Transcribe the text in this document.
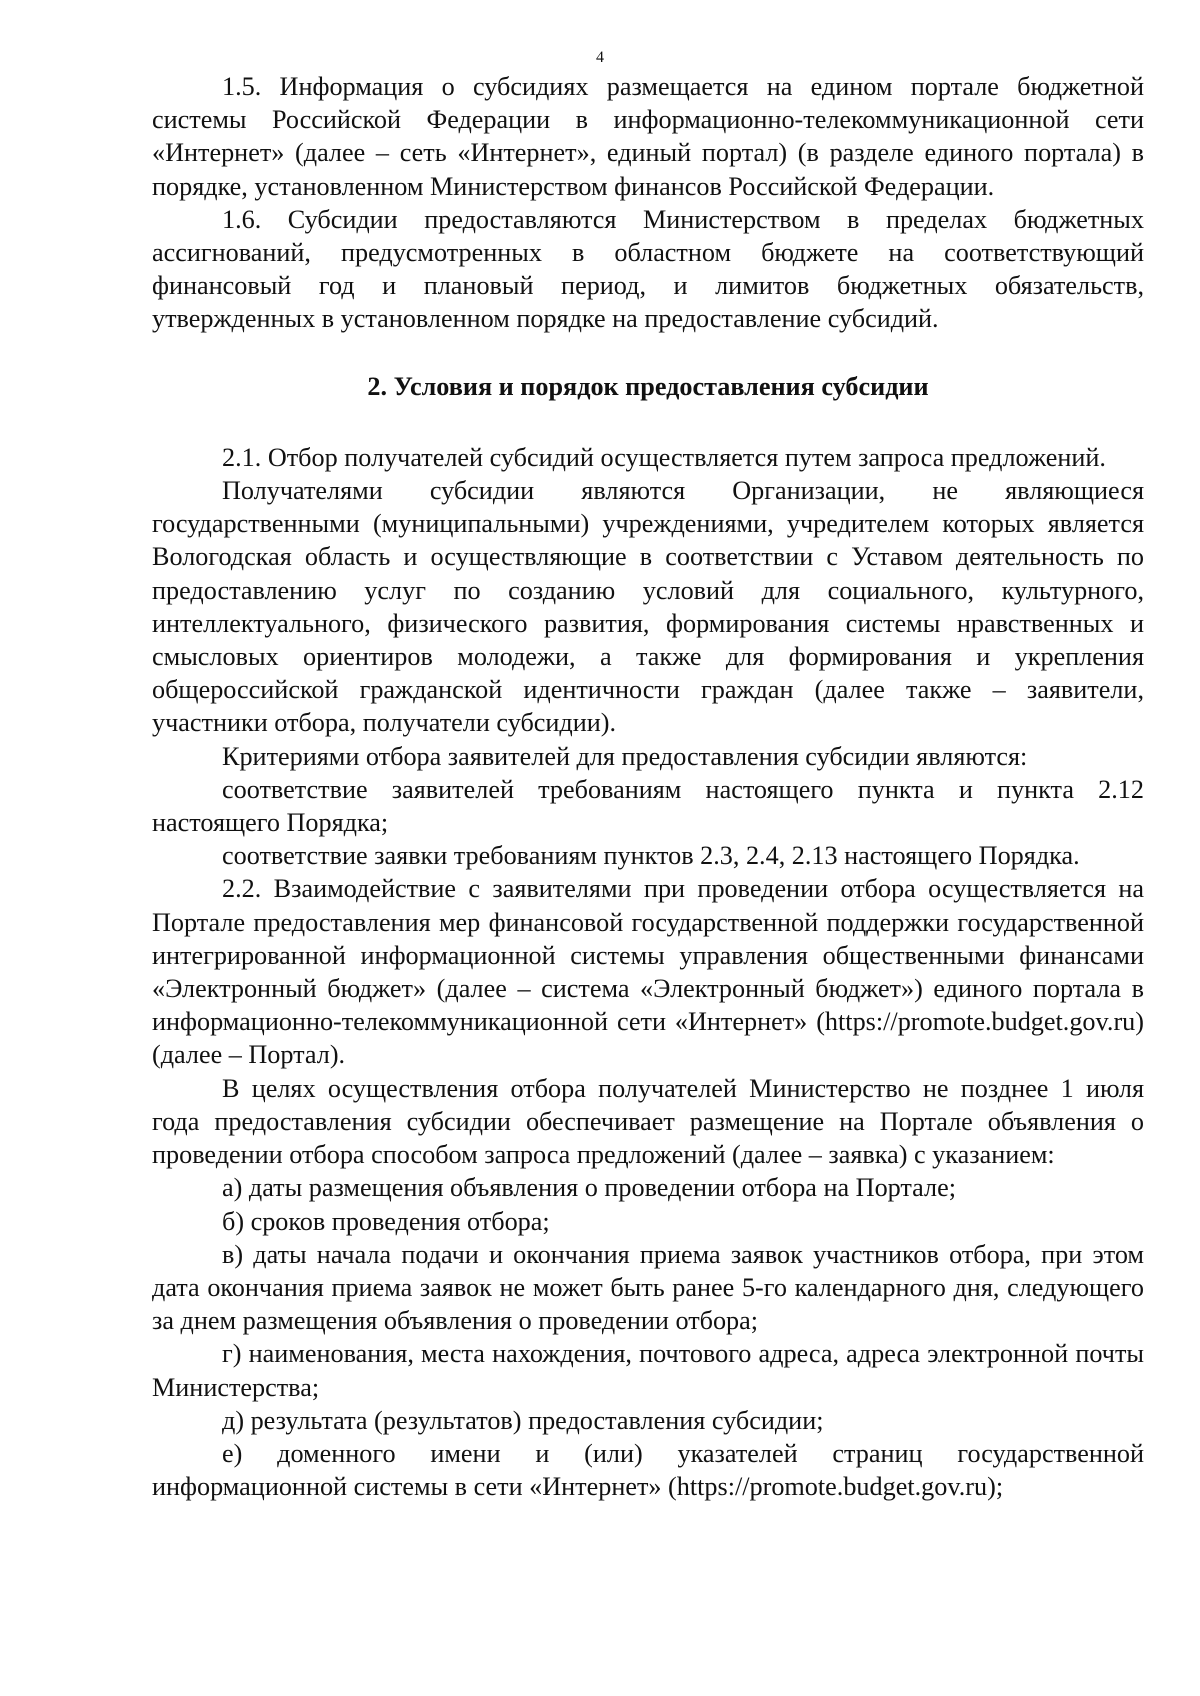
4

1.5. Информация о субсидиях размещается на едином портале бюджетной системы Российской Федерации в информационно-телекоммуникационной сети «Интернет» (далее – сеть «Интернет», единый портал) (в разделе единого портала) в порядке, установленном Министерством финансов Российской Федерации.

1.6. Субсидии предоставляются Министерством в пределах бюджетных ассигнований, предусмотренных в областном бюджете на соответствующий финансовый год и плановый период, и лимитов бюджетных обязательств, утвержденных в установленном порядке на предоставление субсидий.

2. Условия и порядок предоставления субсидии

2.1. Отбор получателей субсидий осуществляется путем запроса предложений.

Получателями субсидии являются Организации, не являющиеся государственными (муниципальными) учреждениями, учредителем которых является Вологодская область и осуществляющие в соответствии с Уставом деятельность по предоставлению услуг по созданию условий для социального, культурного, интеллектуального, физического развития, формирования системы нравственных и смысловых ориентиров молодежи, а также для формирования и укрепления общероссийской гражданской идентичности граждан (далее также – заявители, участники отбора, получатели субсидии).

Критериями отбора заявителей для предоставления субсидии являются:

соответствие заявителей требованиям настоящего пункта и пункта 2.12 настоящего Порядка;

соответствие заявки требованиям пунктов 2.3, 2.4, 2.13 настоящего Порядка.

2.2. Взаимодействие с заявителями при проведении отбора осуществляется на Портале предоставления мер финансовой государственной поддержки государственной интегрированной информационной системы управления общественными финансами «Электронный бюджет» (далее – система «Электронный бюджет») единого портала в информационно-телекоммуникационной сети «Интернет» (https://promote.budget.gov.ru) (далее – Портал).

В целях осуществления отбора получателей Министерство не позднее 1 июля года предоставления субсидии обеспечивает размещение на Портале объявления о проведении отбора способом запроса предложений (далее – заявка) с указанием:

а) даты размещения объявления о проведении отбора на Портале;

б) сроков проведения отбора;

в) даты начала подачи и окончания приема заявок участников отбора, при этом дата окончания приема заявок не может быть ранее 5-го календарного дня, следующего за днем размещения объявления о проведении отбора;

г) наименования, места нахождения, почтового адреса, адреса электронной почты Министерства;

д) результата (результатов) предоставления субсидии;

е) доменного имени и (или) указателей страниц государственной информационной системы в сети «Интернет» (https://promote.budget.gov.ru);
